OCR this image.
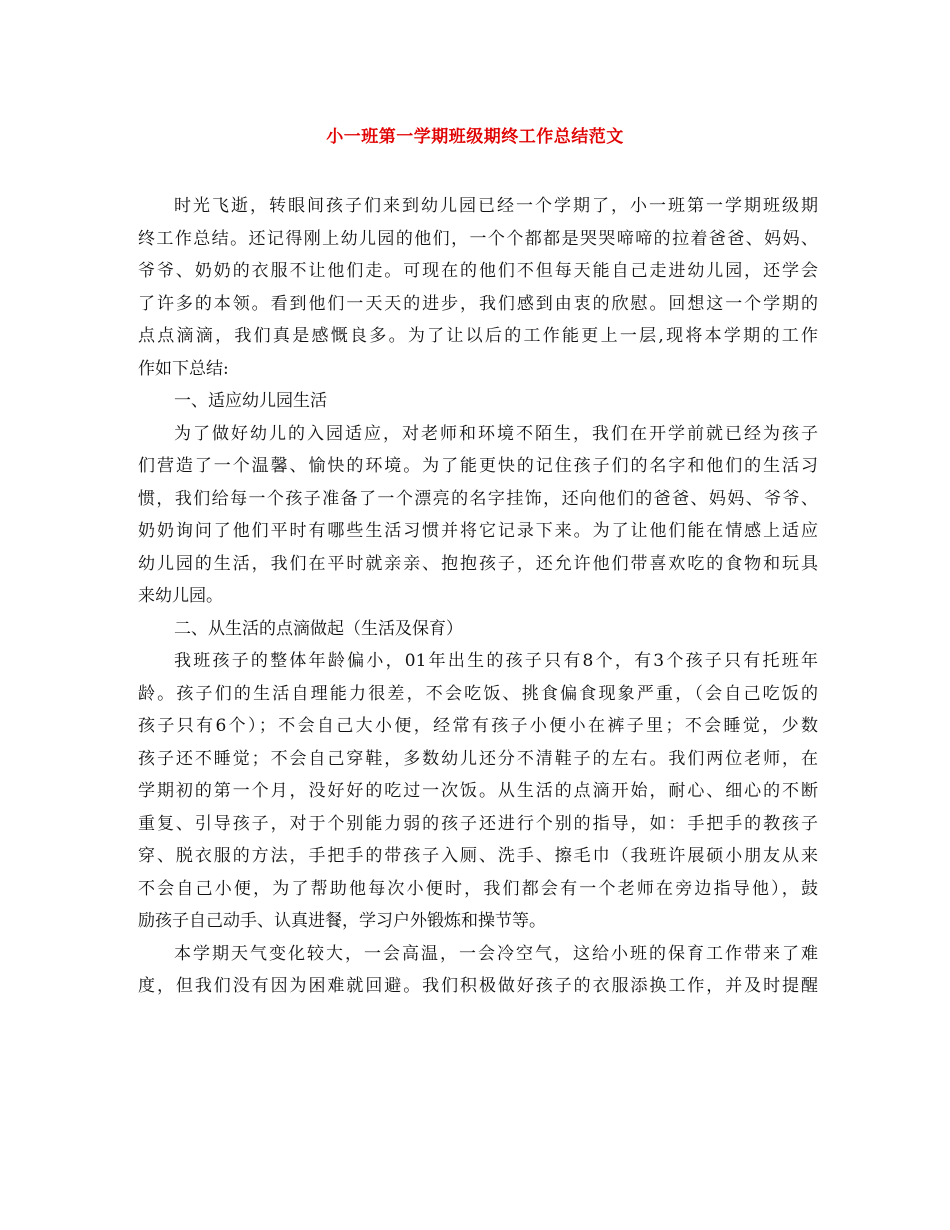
小一班第一学期班级期终工作总结范文
时光飞逝，转眼间孩子们来到幼儿园已经一个学期了，小一班第一学期班级期
终工作总结。还记得刚上幼儿园的他们，一个个都都是哭哭啼啼的拉着爸爸、妈妈、
爷爷、奶奶的衣服不让他们走。可现在的他们不但每天能自己走进幼儿园，还学会
了许多的本领。看到他们一天天的进步，我们感到由衷的欣慰。回想这一个学期的
点点滴滴，我们真是感慨良多。为了让以后的工作能更上一层,现将本学期的工作
作如下总结:
一、适应幼儿园生活
为了做好幼儿的入园适应，对老师和环境不陌生，我们在开学前就已经为孩子
们营造了一个温馨、愉快的环境。为了能更快的记住孩子们的名字和他们的生活习
惯，我们给每一个孩子准备了一个漂亮的名字挂饰，还向他们的爸爸、妈妈、爷爷、
奶奶询问了他们平时有哪些生活习惯并将它记录下来。为了让他们能在情感上适应
幼儿园的生活，我们在平时就亲亲、抱抱孩子，还允许他们带喜欢吃的食物和玩具
来幼儿园。
二、从生活的点滴做起（生活及保育）
我班孩子的整体年龄偏小，01年出生的孩子只有8个，有3个孩子只有托班年
龄。孩子们的生活自理能力很差，不会吃饭、挑食偏食现象严重，（会自己吃饭的
孩子只有6个）；不会自己大小便，经常有孩子小便小在裤子里；不会睡觉，少数
孩子还不睡觉；不会自己穿鞋，多数幼儿还分不清鞋子的左右。我们两位老师，在
学期初的第一个月，没好好的吃过一次饭。从生活的点滴开始，耐心、细心的不断
重复、引导孩子，对于个别能力弱的孩子还进行个别的指导，如：手把手的教孩子
穿、脱衣服的方法，手把手的带孩子入厕、洗手、擦毛巾（我班许展硕小朋友从来
不会自己小便，为了帮助他每次小便时，我们都会有一个老师在旁边指导他），鼓
励孩子自己动手、认真进餐，学习户外锻炼和操节等。
本学期天气变化较大，一会高温，一会冷空气，这给小班的保育工作带来了难
度，但我们没有因为困难就回避。我们积极做好孩子的衣服添换工作，并及时提醒
